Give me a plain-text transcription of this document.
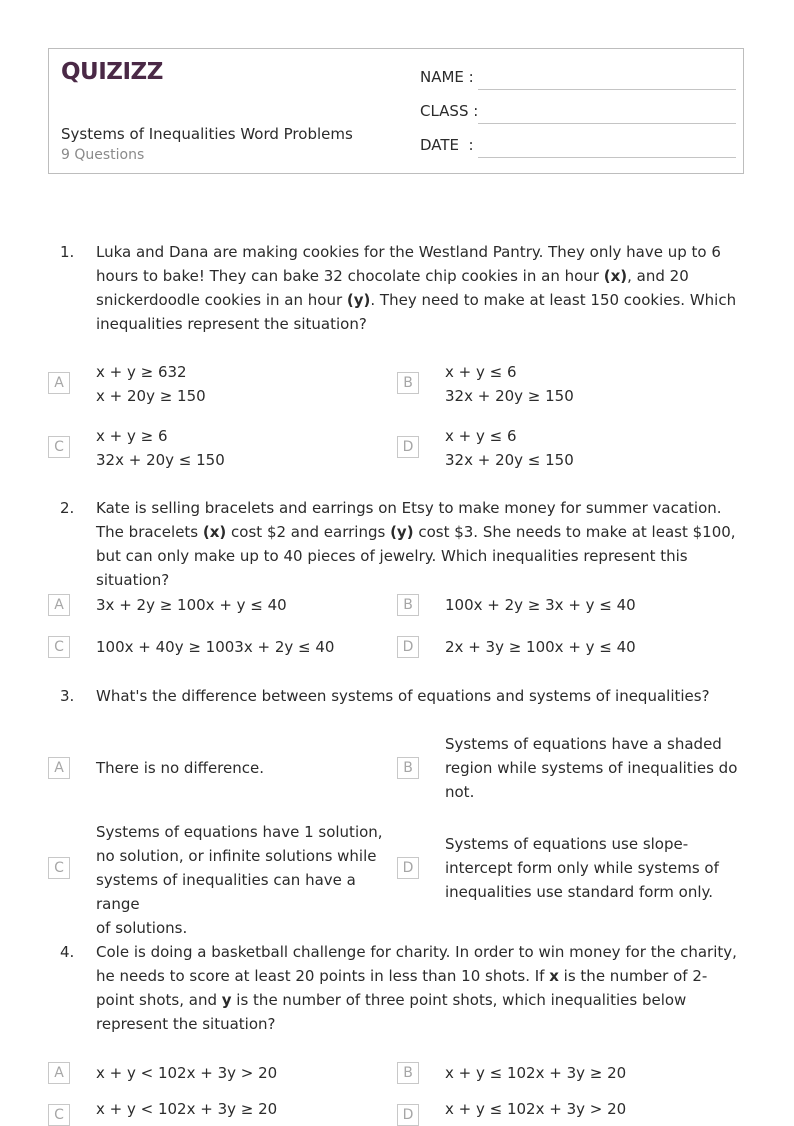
QUIZIZZ
Systems of Inequalities Word Problems
9 Questions
NAME :
CLASS :
DATE  :
1. Luka and Dana are making cookies for the Westland Pantry. They only have up to 6 hours to bake! They can bake 32 chocolate chip cookies in an hour (x), and 20 snickerdoodle cookies in an hour (y). They need to make at least 150 cookies. Which inequalities represent the situation?
A
x + y ≥ 632
x + 20y ≥ 150
B
x + y ≤ 6
32x + 20y ≥ 150
C
x + y ≥ 6
32x + 20y ≤ 150
D
x + y ≤ 6
32x + 20y ≤ 150
2. Kate is selling bracelets and earrings on Etsy to make money for summer vacation. The bracelets (x) cost $2 and earrings (y) cost $3. She needs to make at least $100, but can only make up to 40 pieces of jewelry. Which inequalities represent this situation?
A	3x + 2y ≥ 100x + y ≤ 40	B	100x + 2y ≥ 3x + y ≤ 40
C	100x + 40y ≥ 1003x + 2y ≤ 40	D	2x + 3y ≥ 100x + y ≤ 40
3. What's the difference between systems of equations and systems of inequalities?
A	There is no difference.	B
Systems of equations have a shaded
region while systems of inequalities do
not.
C
Systems of equations have 1 solution,
no solution, or infinite solutions while
systems of inequalities can have a range
of solutions.
D
Systems of equations use slope-
intercept form only while systems of
inequalities use standard form only.
4. Cole is doing a basketball challenge for charity. In order to win money for the charity, he needs to score at least 20 points in less than 10 shots. If x is the number of 2-point shots, and y is the number of three point shots, which inequalities below represent the situation?
A	x + y < 102x + 3y > 20	B	x + y ≤ 102x + 3y ≥ 20
C	x + y < 102x + 3y ≥ 20	D	x + y ≤ 102x + 3y > 20
